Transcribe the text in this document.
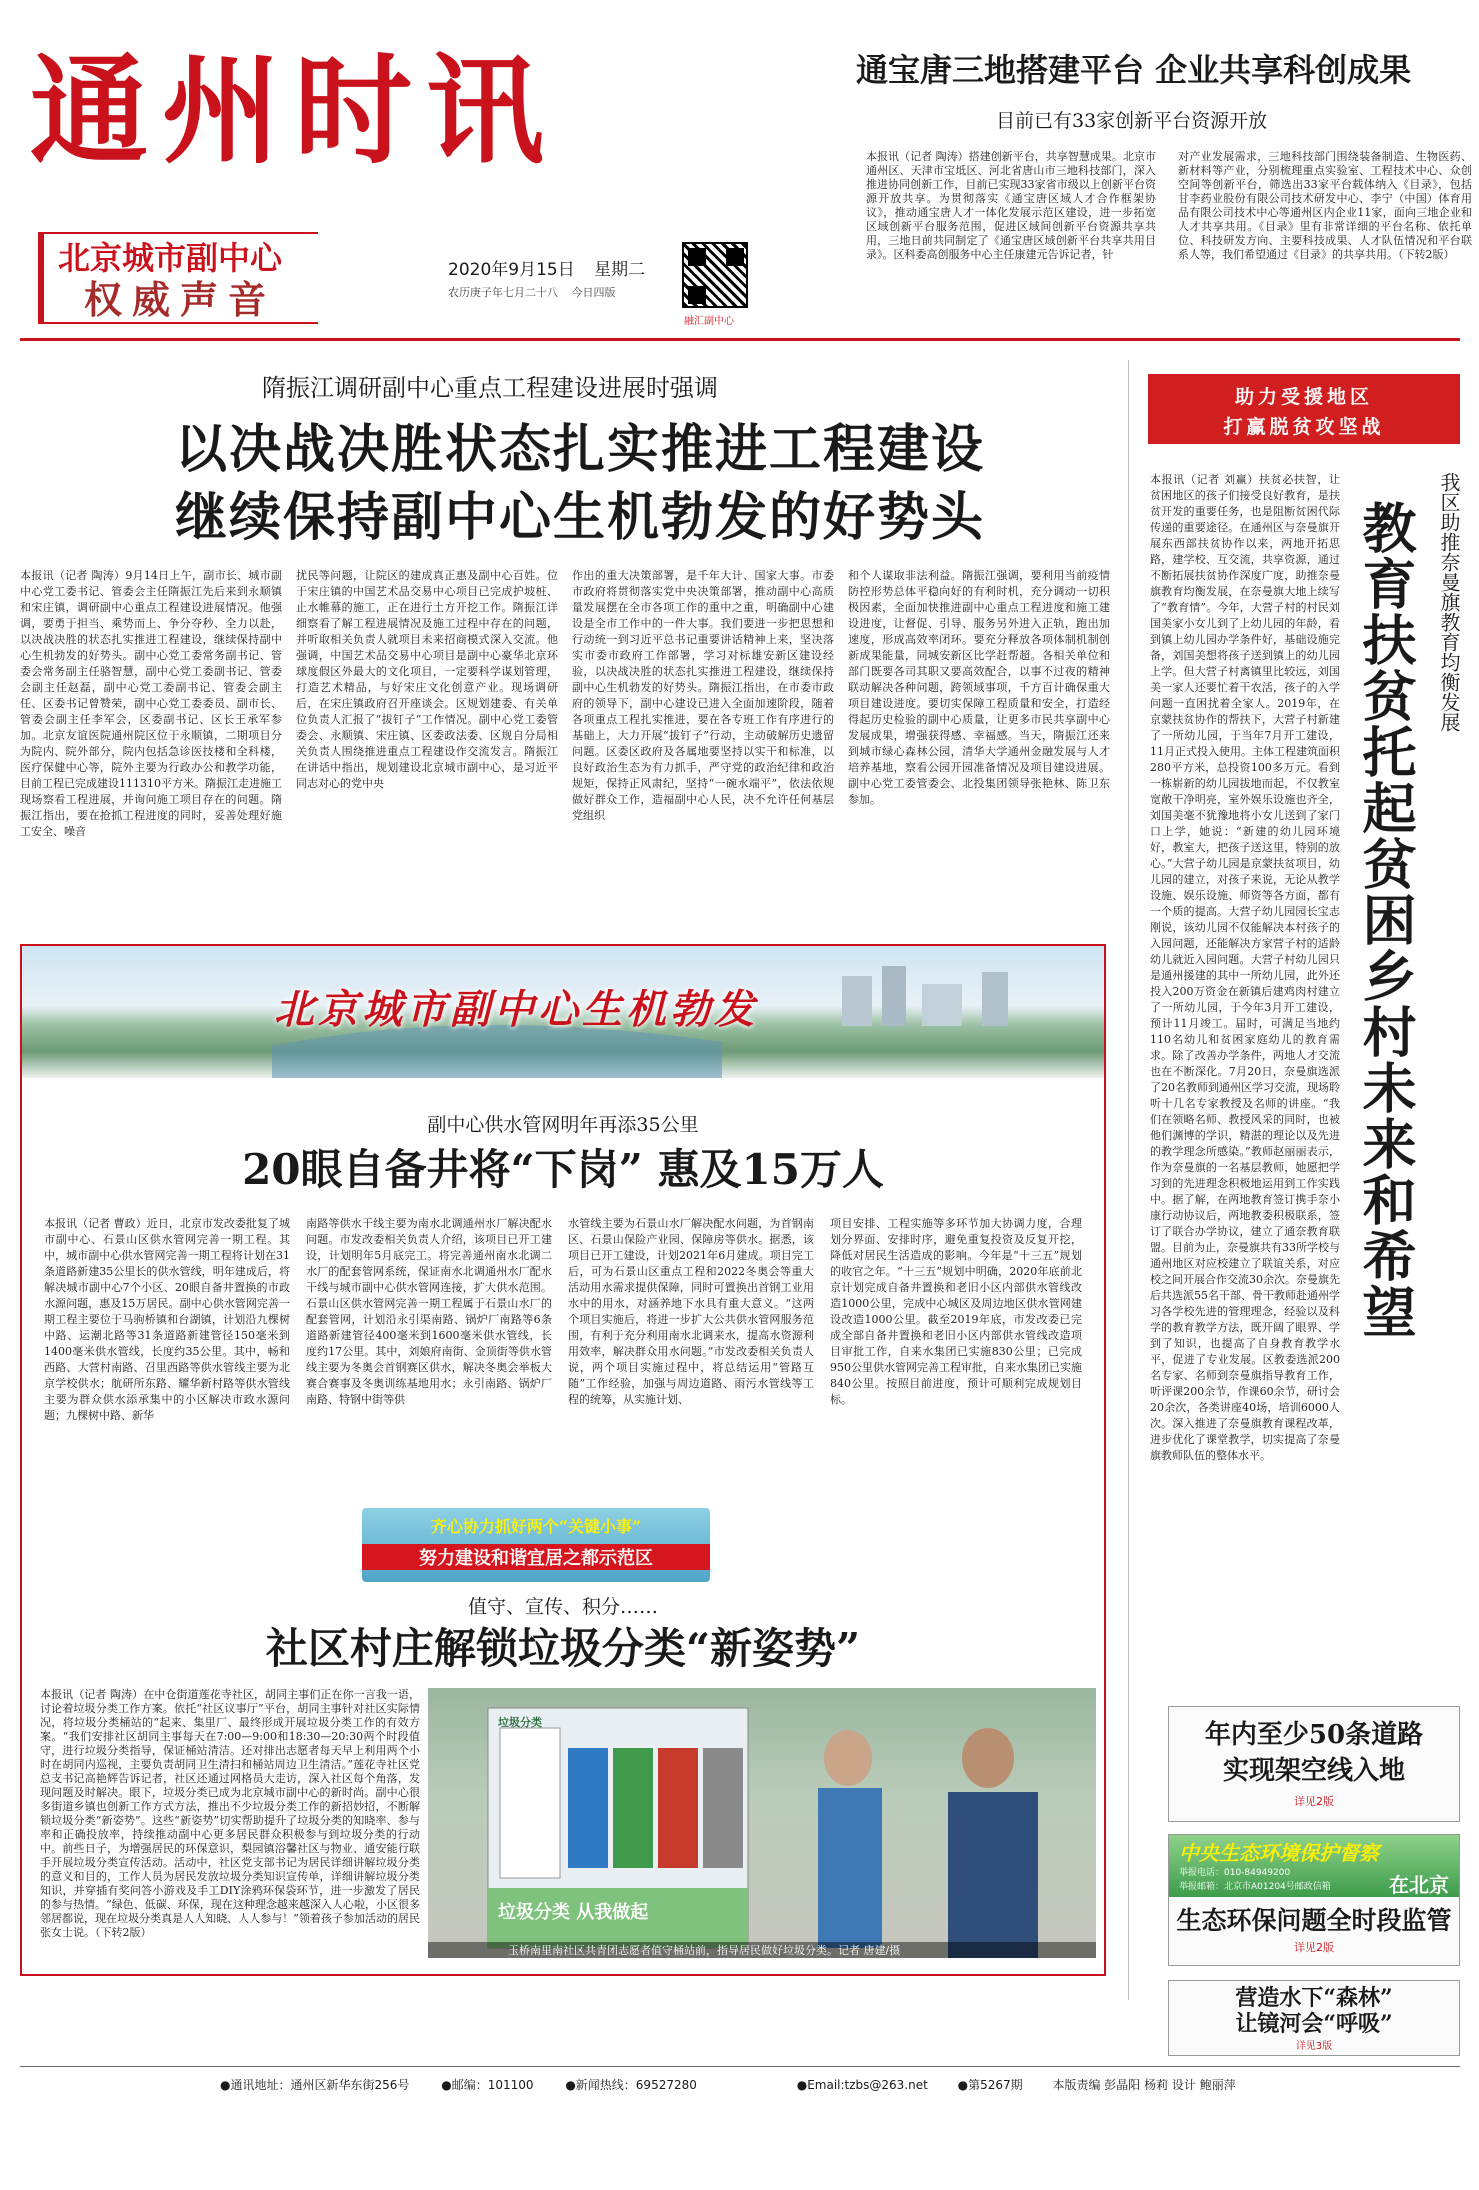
通州时讯
北京城市副中心
权威声音
2020年9月15日 星期二
农历庚子年七月二十八 今日四版
融汇副中心
通宝唐三地搭建平台 企业共享科创成果
目前已有33家创新平台资源开放
本报讯（记者 陶涛）搭建创新平台，共享智慧成果。北京市通州区、天津市宝坻区、河北省唐山市三地科技部门，深入推进协同创新工作，目前已实现33家省市级以上创新平台资源开放共享。为贯彻落实《通宝唐区域人才合作框架协议》，推动通宝唐人才一体化发展示范区建设，进一步拓宽区域创新平台服务范围，促进区域间创新平台资源共享共用，三地日前共同制定了《通宝唐区域创新平台共享共用目录》。区科委高创服务中心主任康建元告诉记者，针
对产业发展需求，三地科技部门围绕装备制造、生物医药、新材料等产业，分别梳理重点实验室、工程技术中心、众创空间等创新平台，筛选出33家平台载体纳入《目录》，包括甘李药业股份有限公司技术研发中心、李宁（中国）体育用品有限公司技术中心等通州区内企业11家，面向三地企业和人才共享共用。《目录》里有非常详细的平台名称、依托单位、科技研发方向、主要科技成果、人才队伍情况和平台联系人等，我们希望通过《目录》的共享共用。（下转2版）
隋振江调研副中心重点工程建设进展时强调
以决战决胜状态扎实推进工程建设
继续保持副中心生机勃发的好势头
本报讯（记者 陶涛）9月14日上午，副市长、城市副中心党工委书记、管委会主任隋振江先后来到永顺镇和宋庄镇，调研副中心重点工程建设进展情况。他强调，要勇于担当、乘势而上、争分夺秒、全力以赴，以决战决胜的状态扎实推进工程建设，继续保持副中心生机勃发的好势头。副中心党工委常务副书记、管委会常务副主任骆智慧，副中心党工委副书记、管委会副主任赵磊，副中心党工委副书记、管委会副主任、区委书记曾赞荣，副中心党工委委员、副市长、管委会副主任李军会，区委副书记、区长王承军参加。北京友谊医院通州院区位于永顺镇，二期项目分为院内、院外部分，院内包括急诊医技楼和全科楼，医疗保健中心等，院外主要为行政办公和教学功能，目前工程已完成建设111310平方米。隋振江走进施工现场察看工程进展，并询问施工项目存在的问题。隋振江指出，要在抢抓工程进度的同时，妥善处理好施工安全、噪音
扰民等问题，让院区的建成真正惠及副中心百姓。位于宋庄镇的中国艺术品交易中心项目已完成护坡桩、止水帷幕的施工，正在进行土方开挖工作。隋振江详细察看了解工程进展情况及施工过程中存在的问题，并听取相关负责人就项目未来招商模式深入交流。他强调，中国艺术品交易中心项目是副中心豪华北京环球度假区外最大的文化项目，一定要科学谋划管理，打造艺术精品，与好宋庄文化创意产业。现场调研后，在宋庄镇政府召开座谈会。区规划建委、有关单位负责人汇报了“拔钉子”工作情况。副中心党工委管委会、永顺镇、宋庄镇、区委政法委、区规自分局相关负责人围绕推进重点工程建设作交流发言。隋振江在讲话中指出，规划建设北京城市副中心，是习近平同志对心的党中央
作出的重大决策部署，是千年大计、国家大事。市委市政府将贯彻落实党中央决策部署，推动副中心高质量发展摆在全市各项工作的重中之重，明确副中心建设是全市工作中的一件大事。我们要进一步把思想和行动统一到习近平总书记重要讲话精神上来，坚决落实市委市政府工作部署，学习对标雄安新区建设经验，以决战决胜的状态扎实推进工程建设，继续保持副中心生机勃发的好势头。隋振江指出，在市委市政府的领导下，副中心建设已进入全面加速阶段，随着各项重点工程扎实推进，要在各专班工作有序进行的基础上，大力开展“拔钉子”行动，主动破解历史遗留问题。区委区政府及各属地要坚持以实干和标准，以良好政治生态为有力抓手，严守党的政治纪律和政治规矩，保持正风肃纪，坚持“一碗水端平”，依法依规做好群众工作，造福副中心人民，决不允许任何基层党组织
和个人谋取非法利益。隋振江强调，要利用当前疫情防控形势总体平稳向好的有利时机，充分调动一切积极因素，全面加快推进副中心重点工程进度和施工建设进度，让督促、引导、服务另外进入正轨，跑出加速度，形成高效率闭环。要充分释放各项体制机制创新成果能量，同城安新区比学赶帮超。各相关单位和部门既要各司其职又要高效配合，以事不过夜的精神联动解决各种问题，跨领域事项，千方百计确保重大项目建设进度。要切实保障工程质量和安全，打造经得起历史检验的副中心质量，让更多市民共享副中心发展成果，增强获得感、幸福感。当天，隋振江还来到城市绿心森林公园，清华大学通州金融发展与人才培养基地，察看公园开园准备情况及项目建设进展。副中心党工委管委会、北投集团领导张艳林、陈卫东参加。
北京城市副中心生机勃发
副中心供水管网明年再添35公里
20眼自备井将“下岗” 惠及15万人
本报讯（记者 曹政）近日，北京市发改委批复了城市副中心、石景山区供水管网完善一期工程。其中，城市副中心供水管网完善一期工程将计划在31条道路新建35公里长的供水管线，明年建成后，将解决城市副中心7个小区、20眼自备井置换的市政水源问题，惠及15万居民。副中心供水管网完善一期工程主要位于马驹桥镇和台湖镇，计划沿九棵树中路、运潮北路等31条道路新建管径150毫米到1400毫米供水管线，长度约35公里。其中，畅和西路、大营村南路、召里西路等供水管线主要为北京学校供水；航研所东路、耀华新村路等供水管线主要为群众供水添承集中的小区解决市政水源问题；九棵树中路、新华
南路等供水干线主要为南水北调通州水厂解决配水问题。市发改委相关负责人介绍，该项目已开工建设，计划明年5月底完工。将完善通州南水北调二水厂的配套管网系统，保证南水北调通州水厂配水干线与城市副中心供水管网连接，扩大供水范围。石景山区供水管网完善一期工程属于石景山水厂的配套管网，计划沿永引渠南路、锅炉厂南路等6条道路新建管径400毫米到1600毫米供水管线，长度约17公里。其中，刘娘府南街、金顶街等供水管线主要为冬奥会首钢赛区供水，解决冬奥会举板大赛合赛事及冬奥训练基地用水；永引南路、锅炉厂南路、特钢中街等供
水管线主要为石景山水厂解决配水问题，为首钢南区、石景山保险产业园、保障房等供水。据悉，该项目已开工建设，计划2021年6月建成。项目完工后，可为石景山区重点工程和2022冬奥会等重大活动用水需求提供保障，同时可置换出首钢工业用水中的用水，对涵养地下水具有重大意义。“这两个项目实施后，将进一步扩大公共供水管网服务范围，有利于充分利用南水北调来水，提高水资源利用效率，解决群众用水问题。”市发改委相关负责人说，两个项目实施过程中，将总结运用“管路互随”工作经验，加强与周边道路、雨污水管线等工程的统筹，从实施计划、
项目安排、工程实施等多环节加大协调力度，合理划分界面、安排时序，避免重复投资及反复开挖，降低对居民生活造成的影响。今年是“十三五”规划的收官之年。“十三五”规划中明确，2020年底前北京计划完成自备井置换和老旧小区内部供水管线改造1000公里，完成中心城区及周边地区供水管网建设改造1000公里。截至2019年底，市发改委已完成全部自备井置换和老旧小区内部供水管线改造项目审批工作，自来水集团已实施830公里；已完成950公里供水管网完善工程审批，自来水集团已实施840公里。按照目前进度，预计可顺利完成规划目标。
齐心协力抓好两个“关键小事”
努力建设和谐宜居之都示范区
值守、宣传、积分……
社区村庄解锁垃圾分类“新姿势”
本报讯（记者 陶涛）在中仓街道莲花寺社区，胡同主事们正在你一言我一语，讨论着垃圾分类工作方案。依托“社区议事厅”平台，胡同主事针对社区实际情况，将垃圾分类桶站的“起来、集里厂、最终形成开展垃圾分类工作的有效方案。“我们安排社区胡同主事每天在7:00—9:00和18:30—20:30两个时段值守，进行垃圾分类指导，保证桶站清洁。还对排出志愿者每天早上利用两个小时在胡同内巡视，主要负责胡同卫生清扫和桶站周边卫生清洁。”莲花寺社区党总支书记高艳辉告诉记者，社区还通过网格员大走访，深入社区每个角落，发现问题及时解决。眼下，垃圾分类已成为北京城市副中心的新时尚。副中心很多街道乡镇也创新工作方式方法，推出不少垃圾分类工作的新招妙招，不断解锁垃圾分类“新姿势”。这些“新姿势”切实帮助提升了垃圾分类的知晓率、参与率和正确投放率，持续推动副中心更多居民群众积极参与到垃圾分类的行动中。前些日子，为增强居民的环保意识，梨园镇浴馨社区与物业、通安能行联手开展垃圾分类宣传活动。活动中，社区党支部书记为居民详细讲解垃圾分类的意义和目的，工作人员为居民发放垃圾分类知识宣传单，详细讲解垃圾分类知识，并穿插有奖问答小游戏及手工DIY涂鸦环保袋环节，进一步激发了居民的参与热情。“绿色、低碳、环保，现在这种理念越来越深入人心啦，小区很多邻居都说，现在垃圾分类真是人人知晓、人人参与！”领着孩子参加活动的居民张女士说。（下转2版）
垃圾分类
垃圾分类 从我做起
玉桥南里南社区共青团志愿者值守桶站前，指导居民做好垃圾分类。记者 唐建/摄
助力受援地区
打赢脱贫攻坚战
本报讯（记者 刘赢）扶贫必扶智，让贫困地区的孩子们接受良好教育，是扶贫开发的重要任务，也是阻断贫困代际传递的重要途径。在通州区与奈曼旗开展东西部扶贫协作以来，两地开拓思路，建学校、互交流，共享资源，通过不断拓展扶贫协作深度广度，助推奈曼旗教育均衡发展，在奈曼旗大地上续写了“教育情”。今年，大营子村的村民刘国美家小女儿到了上幼儿园的年龄，看到镇上幼儿园办学条件好，基础设施完备，刘国美想将孩子送到镇上的幼儿园上学。但大营子村离镇里比较远，刘国美一家人还要忙着干农活，孩子的入学问题一直困扰着全家人。2019年，在京蒙扶贫协作的帮扶下，大营子村新建了一所幼儿园，于当年7月开工建设，11月正式投入使用。主体工程建筑面积280平方米，总投资100多万元。看到一栋崭新的幼儿园拔地而起，不仅教室宽敞干净明亮，室外娱乐设施也齐全，刘国美毫不犹豫地将小女儿送到了家门口上学，她说：“新建的幼儿园环境好，教室大，把孩子送这里，特别的放心。”大营子幼儿园是京蒙扶贫项目，幼儿园的建立，对孩子来说，无论从教学设施、娱乐设施、师资等各方面，都有一个质的提高。大营子幼儿园园长宝志刚说，该幼儿园不仅能解决本村孩子的入园问题，还能解决方家营子村的适龄幼儿就近入园问题。大营子村幼儿园只是通州援建的其中一所幼儿园，此外还投入200万资金在新镇后建鸡肉村建立了一所幼儿园，于今年3月开工建设，预计11月竣工。届时，可满足当地约110名幼儿和贫困家庭幼儿的教育需求。除了改善办学条件，两地人才交流也在不断深化。7月20日，奈曼旗选派了20名教师到通州区学习交流，现场聆听十几名专家教授及名师的讲座。“我们在领略名师、教授风采的同时，也被他们渊博的学识，精湛的理论以及先进的教学理念所感染。”教师赵丽丽表示，作为奈曼旗的一名基层教师，她愿把学习到的先进理念积极地运用到工作实践中。据了解，在两地教育签订携手奈小康行动协议后，两地教委积极联系，签订了联合办学协议，建立了通奈教育联盟。目前为止，奈曼旗共有33所学校与通州地区对应校建立了联谊关系，对应校之间开展合作交流30余次。奈曼旗先后共选派55名干部、骨干教师赴通州学习各学校先进的管理理念，经验以及科学的教育教学方法，既开阔了眼界、学到了知识，也提高了自身教育教学水平，促进了专业发展。区教委选派200名专家、名师到奈曼旗指导教育工作，听评课200余节，作课60余节，研讨会20余次，各类讲座40场，培训6000人次。深入推进了奈曼旗教育课程改革，进步优化了课堂教学，切实提高了奈曼旗教师队伍的整体水平。
我区助推奈曼旗教育均衡发展
教育扶贫托起贫困乡村未来和希望
年内至少50条道路实现架空线入地
详见2版
中央生态环境保护督察
在北京
举报电话：010-84949200
举报邮箱：北京市A01204号邮政信箱
生态环保问题全时段监管
详见2版
营造水下“森林”
让镜河会“呼吸”
详见3版
●通讯地址：通州区新华东街256号	●邮编：101100	●新闻热线：69527280	●Email:tzbs@263.net ●第5267期 本版责编 彭晶阳 杨莉 设计 鲍丽萍
